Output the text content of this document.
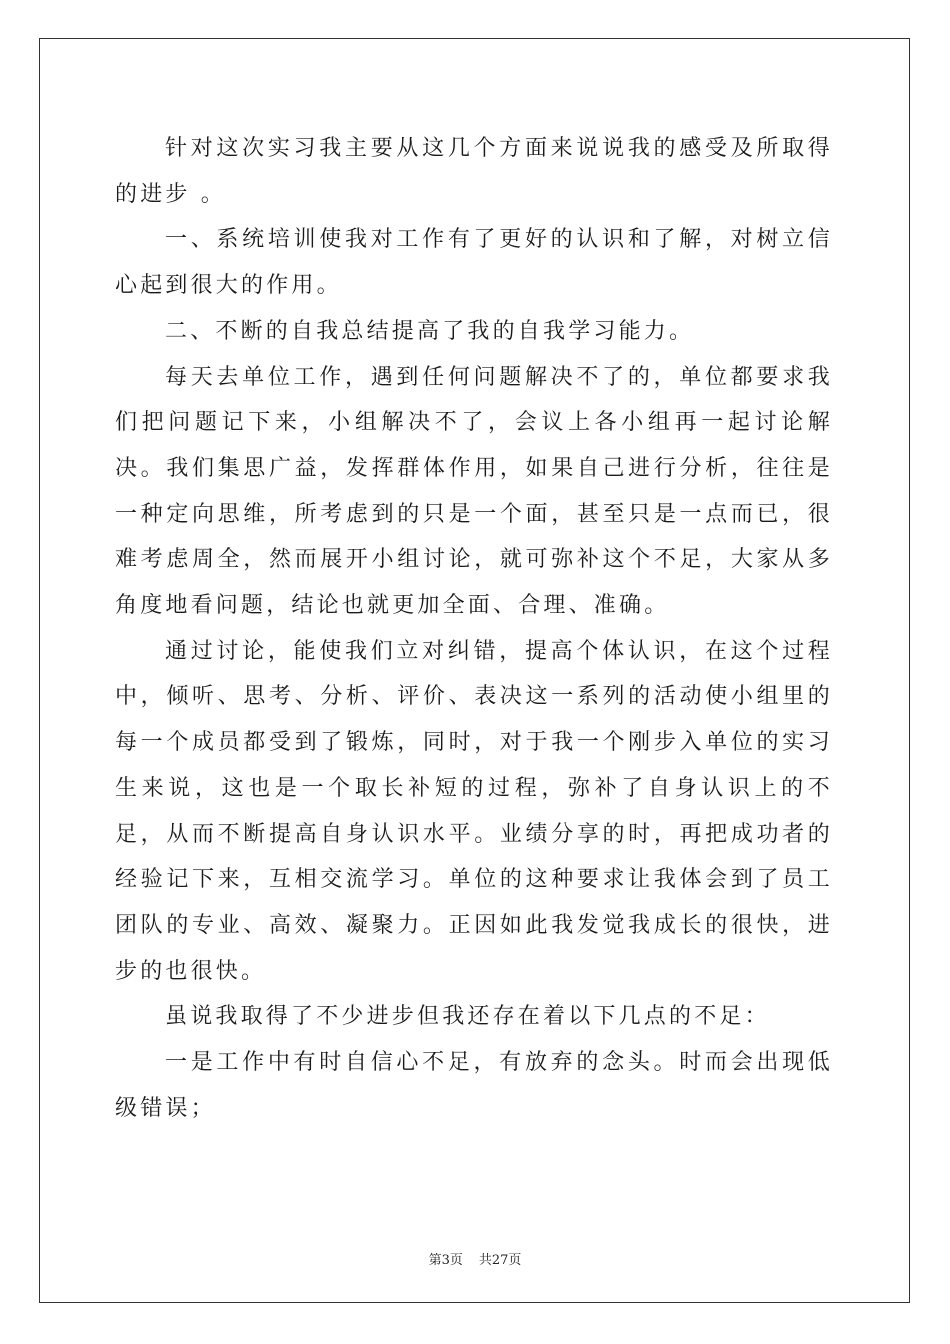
针对这次实习我主要从这几个方面来说说我的感受及所取得的进步 。

一、系统培训使我对工作有了更好的认识和了解，对树立信心起到很大的作用。

二、不断的自我总结提高了我的自我学习能力。

每天去单位工作，遇到任何问题解决不了的，单位都要求我们把问题记下来，小组解决不了，会议上各小组再一起讨论解决。我们集思广益，发挥群体作用，如果自己进行分析，往往是一种定向思维，所考虑到的只是一个面，甚至只是一点而已，很难考虑周全，然而展开小组讨论，就可弥补这个不足，大家从多角度地看问题，结论也就更加全面、合理、准确。

通过讨论，能使我们立对纠错，提高个体认识，在这个过程中，倾听、思考、分析、评价、表决这一系列的活动使小组里的每一个成员都受到了锻炼，同时，对于我一个刚步入单位的实习生来说，这也是一个取长补短的过程，弥补了自身认识上的不足，从而不断提高自身认识水平。业绩分享的时，再把成功者的经验记下来，互相交流学习。单位的这种要求让我体会到了员工团队的专业、高效、凝聚力。正因如此我发觉我成长的很快，进步的也很快。

虽说我取得了不少进步但我还存在着以下几点的不足：

一是工作中有时自信心不足，有放弃的念头。时而会出现低级错误；

第3页 共27页
